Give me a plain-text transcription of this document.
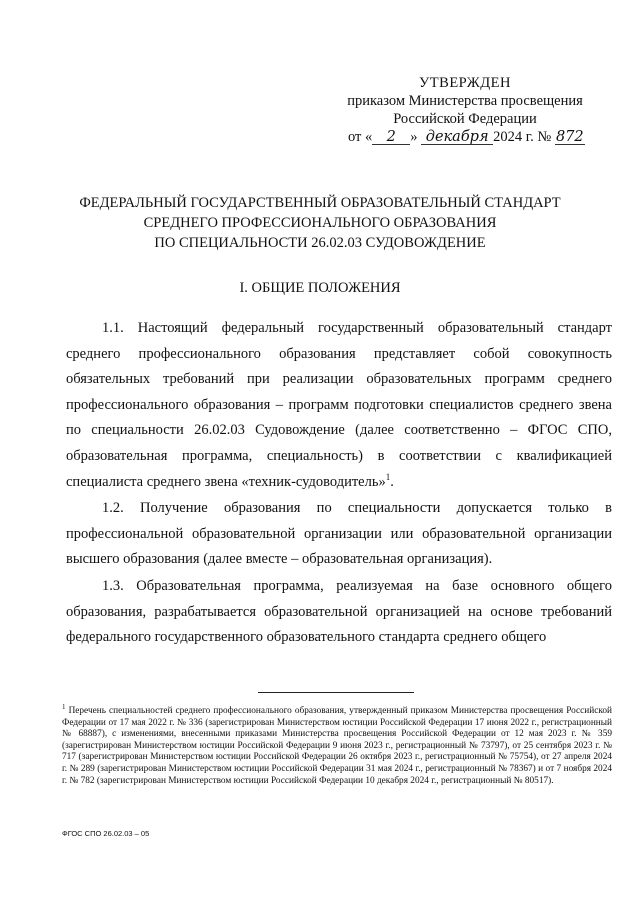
УТВЕРЖДЕН
приказом Министерства просвещения
Российской Федерации
от « 2 » декабря 2024 г. № 872
ФЕДЕРАЛЬНЫЙ ГОСУДАРСТВЕННЫЙ ОБРАЗОВАТЕЛЬНЫЙ СТАНДАРТ
СРЕДНЕГО ПРОФЕССИОНАЛЬНОГО ОБРАЗОВАНИЯ
ПО СПЕЦИАЛЬНОСТИ 26.02.03 СУДОВОЖДЕНИЕ
I. ОБЩИЕ ПОЛОЖЕНИЯ

1.1. Настоящий федеральный государственный образовательный стандарт среднего профессионального образования представляет собой совокупность обязательных требований при реализации образовательных программ среднего профессионального образования – программ подготовки специалистов среднего звена по специальности 26.02.03 Судовождение (далее соответственно – ФГОС СПО, образовательная программа, специальность) в соответствии с квалификацией специалиста среднего звена «техник-судоводитель»$^1$.

1.2. Получение образования по специальности допускается только в профессиональной образовательной организации или образовательной организации высшего образования (далее вместе – образовательная организация).

1.3. Образовательная программа, реализуемая на базе основного общего образования, разрабатывается образовательной организацией на основе требований федерального государственного образовательного стандарта среднего общего

$^1$ Перечень специальностей среднего профессионального образования, утвержденный приказом Министерства просвещения Российской Федерации от 17 мая 2022 г. № 336 (зарегистрирован Министерством юстиции Российской Федерации 17 июня 2022 г., регистрационный № 68887), с изменениями, внесенными приказами Министерства просвещения Российской Федерации от 12 мая 2023 г. № 359 (зарегистрирован Министерством юстиции Российской Федерации 9 июня 2023 г., регистрационный № 73797), от 25 сентября 2023 г. № 717 (зарегистрирован Министерством юстиции Российской Федерации 26 октября 2023 г., регистрационный № 75754), от 27 апреля 2024 г. № 289 (зарегистрирован Министерством юстиции Российской Федерации 31 мая 2024 г., регистрационный № 78367) и от 7 ноября 2024 г. № 782 (зарегистрирован Министерством юстиции Российской Федерации 10 декабря 2024 г., регистрационный № 80517).
ФГОС СПО 26.02.03 – 05
